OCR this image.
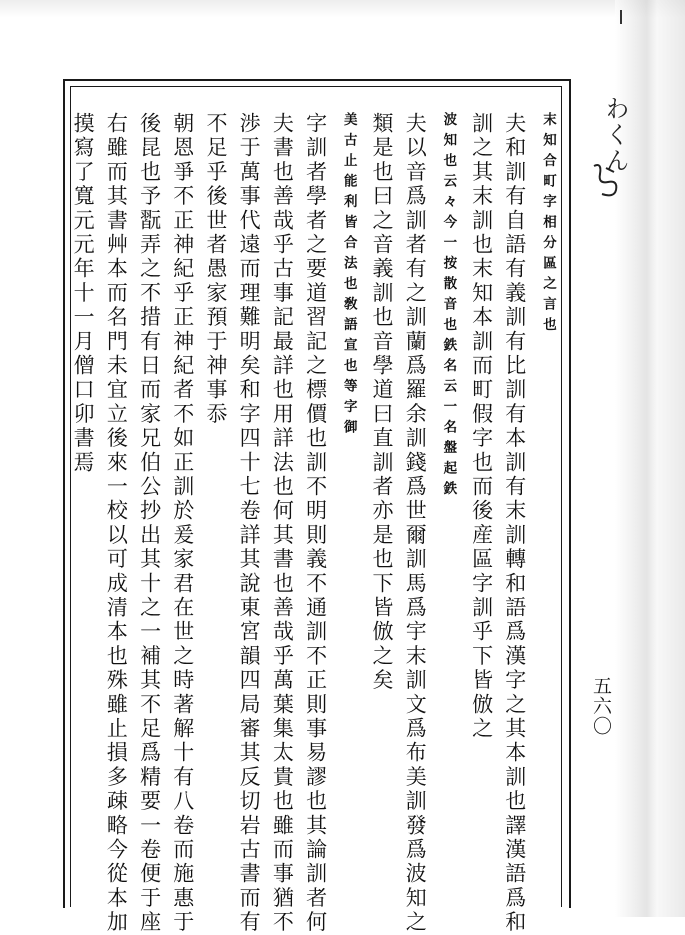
末知合町字相分區之言也
夫和訓有自語有義訓有比訓有本訓有末訓轉和語爲漢字之其本訓也譯漢語爲和
訓之其末訓也末知本訓而町假字也而後産區字訓乎下皆倣之
波知也云々今一按散音也鉄名云一名盤起鉄
夫以音爲訓者有之訓蘭爲羅余訓錢爲世爾訓馬爲宇末訓文爲布美訓發爲波知之
類是也曰之音義訓也音學道曰直訓者亦是也下皆倣之矣
美古止能利皆合法也敎語宣也等字御
字訓者學者之要道習記之標價也訓不明則義不通訓不正則事易謬也其論訓者何
夫書也善哉乎古事記最詳也用詳法也何其書也善哉乎萬葉集太貴也雖而事猶不
渉于萬事代遠而理難明矣和字四十七卷詳其說東宮韻四局審其反切岩古書而有
不足乎後世者愚家預于神事忝
朝恩爭不正神紀乎正神紀者不如正訓於爰家君在世之時著解十有八卷而施惠于
後昆也予翫弄之不措有日而家兄伯公抄出其十之一補其不足爲精要一卷便于座
右雖而其書艸本而名門未宜立後來一校以可成清本也殊雖止損多疎略今從本加
摸寫了寬元元年十一月僧口卯書焉	わくん
五六〇
